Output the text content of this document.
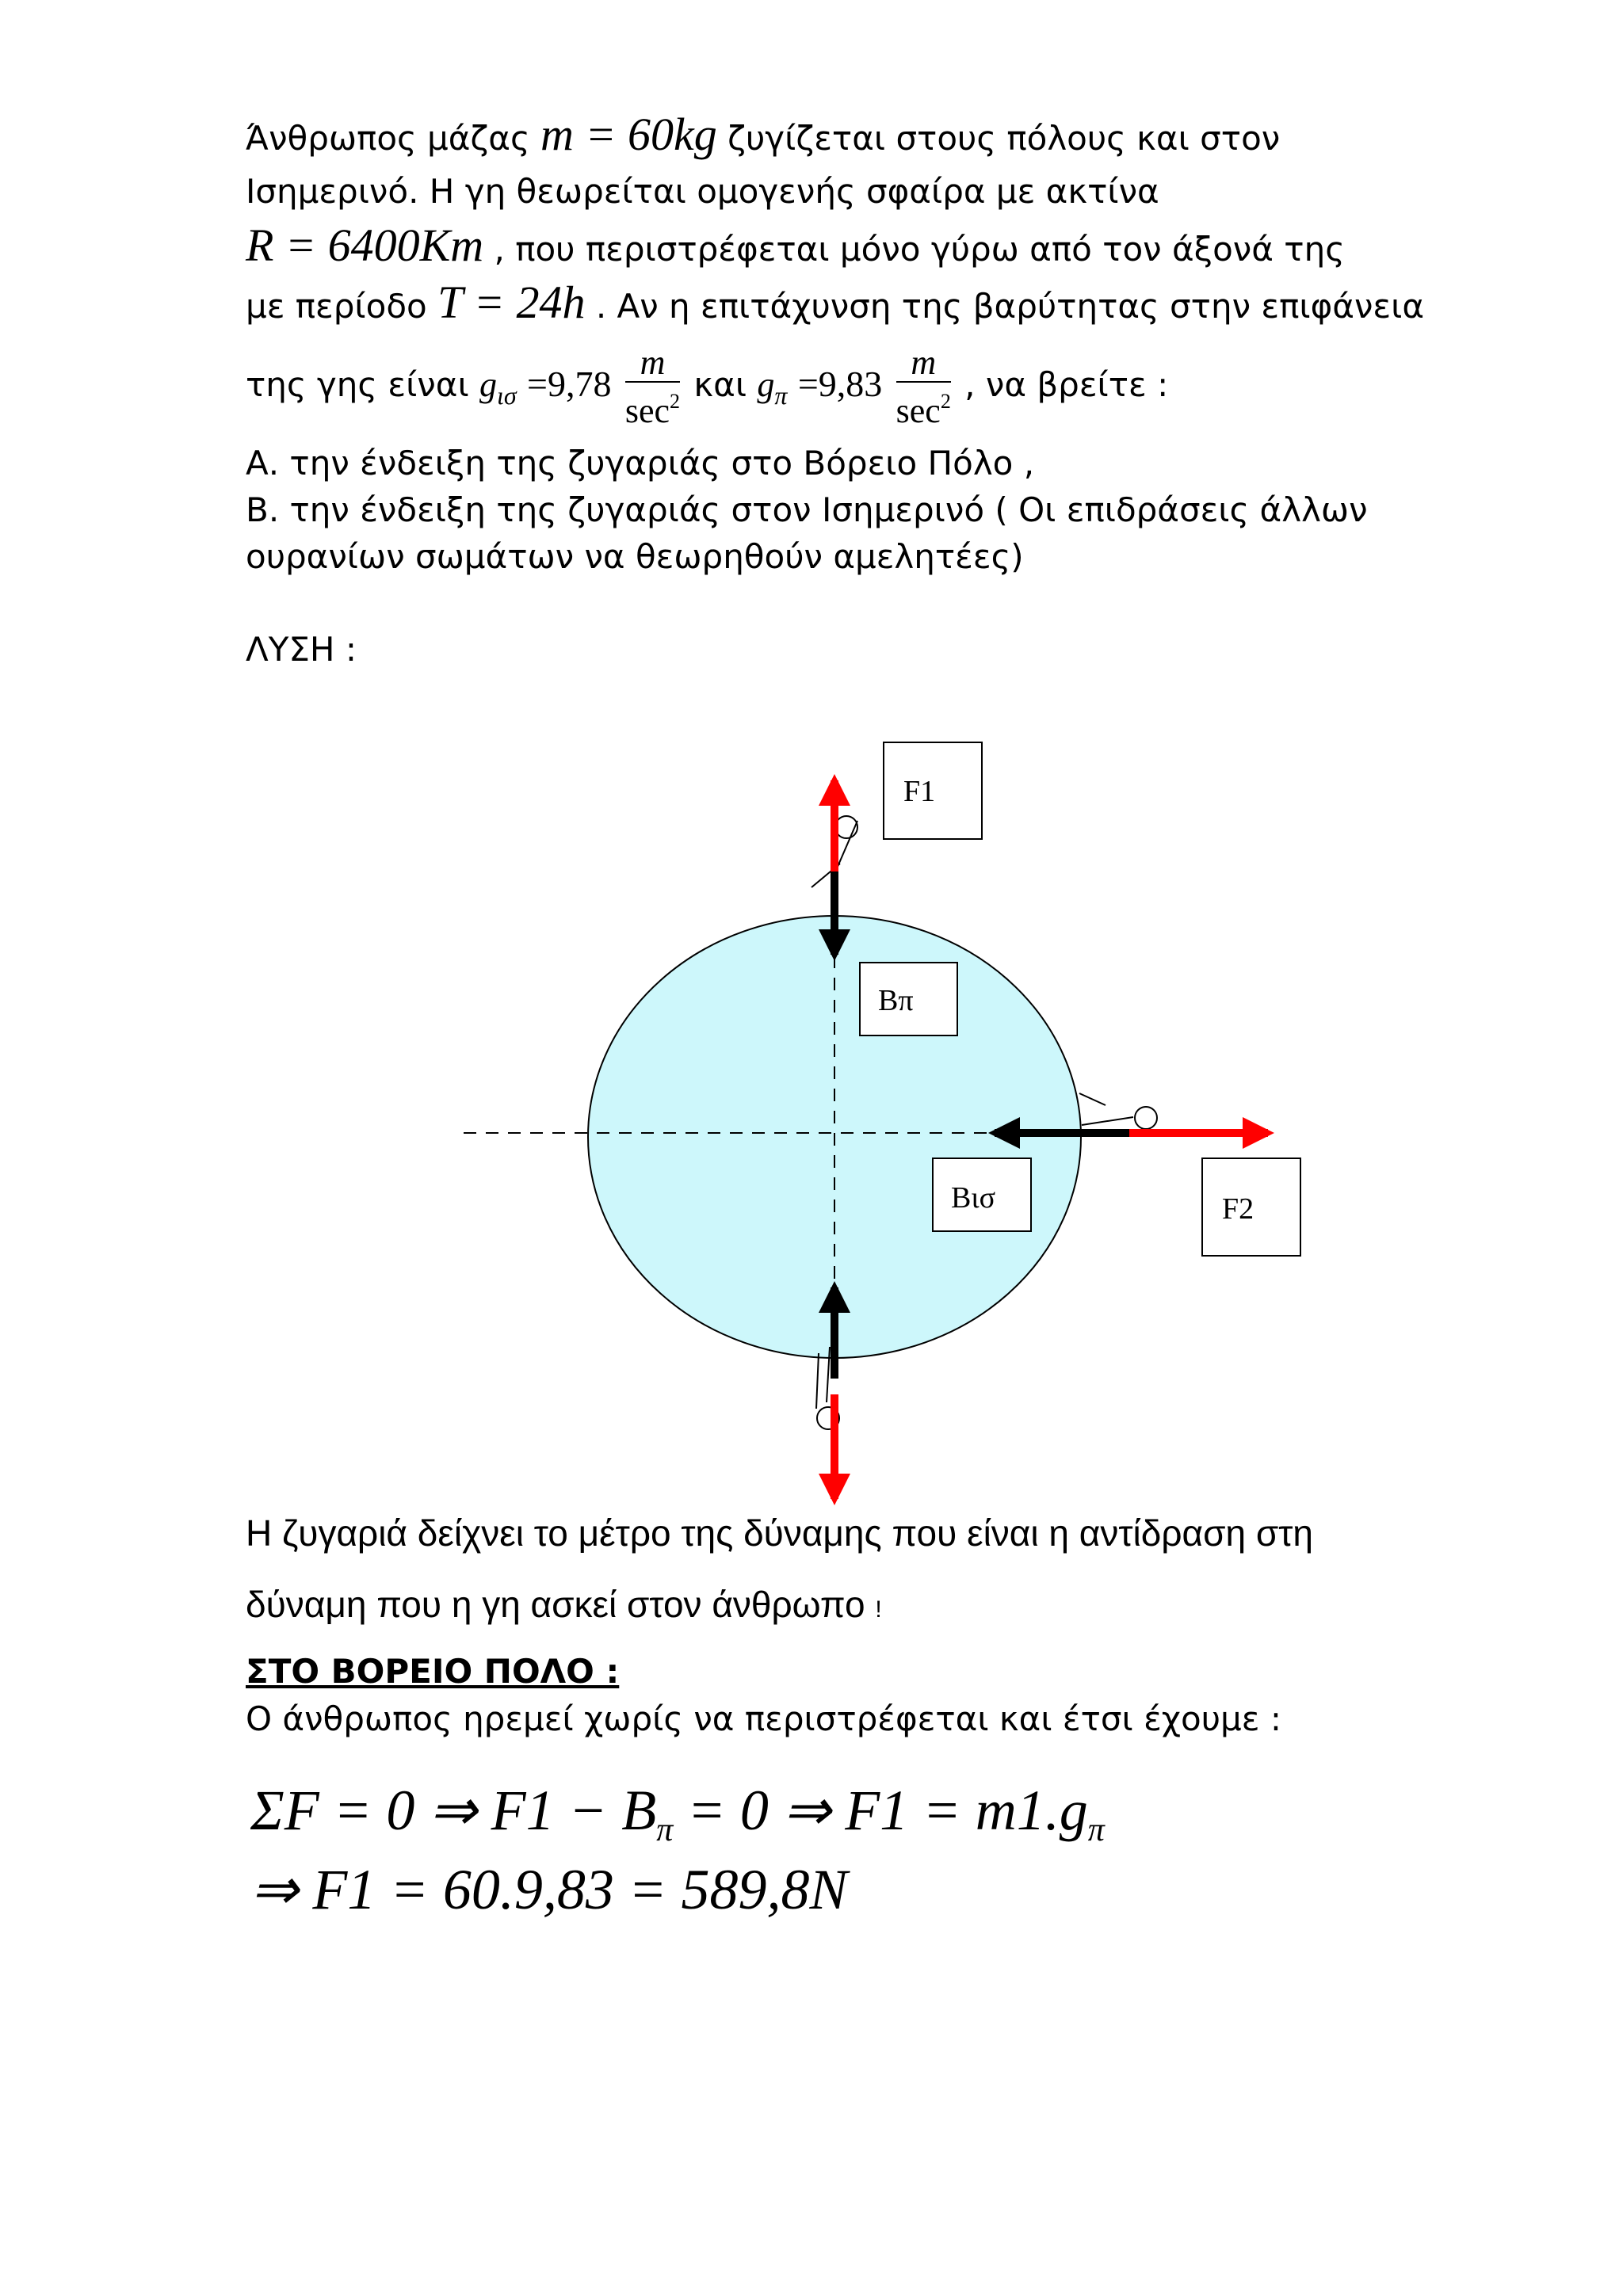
Άνθρωπος μάζας m = 60kg ζυγίζεται στους πόλους και στον
Ισημερινό. Η γη θεωρείται ομογενής σφαίρα με ακτίνα
R = 6400Km , που περιστρέφεται μόνο γύρω από τον άξονά της
με περίοδο T = 24h . Αν η επιτάχυνση της βαρύτητας στην επιφάνεια
της γης είναι $g_{\iota\sigma} =9,78 \frac{m}{\sec^2}$ και $g_\pi =9,83 \frac{m}{\sec^2}$ , να βρείτε :
Α. την ένδειξη της ζυγαριάς στο Βόρειο Πόλο ,
Β. την ένδειξη της ζυγαριάς στον Ισημερινό ( Οι επιδράσεις άλλων
ουρανίων σωμάτων να θεωρηθούν αμελητέες)
ΛΥΣΗ :
F1
Βπ
Βισ	F2
Η ζυγαριά δείχνει το μέτρο της δύναμης που είναι η αντίδραση στη
δύναμη που η γη ασκεί στον άνθρωπο !
ΣΤΟ ΒΟΡΕΙΟ ΠΟΛΟ :
Ο άνθρωπος ηρεμεί χωρίς να περιστρέφεται και έτσι έχουμε :
ΣF = 0 ⇒ $F1 - B_\pi = 0$ ⇒ $F1 = m1.g_\pi$
⇒ F1 = 60.9,83 = 589,8N
